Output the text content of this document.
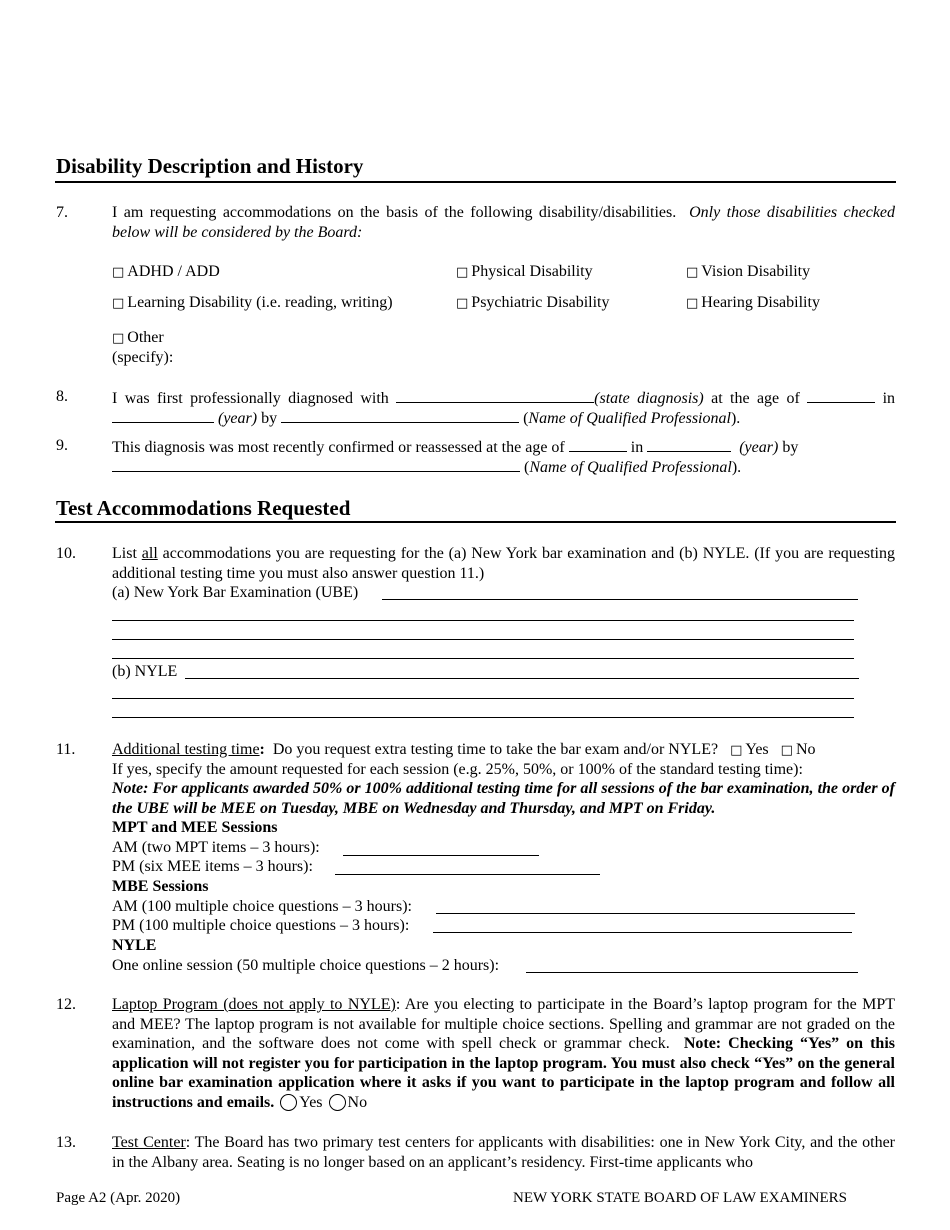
Disability Description and History
7.	I am requesting accommodations on the basis of the following disability/disabilities. Only those disabilities checked below will be considered by the Board:
□ ADHD / ADD	□ Physical Disability	□ Vision Disability
□ Learning Disability (i.e. reading, writing)	□ Psychiatric Disability	□ Hearing Disability
□ Other
(specify):
8.	I was first professionally diagnosed with	(state diagnosis) at the age of	in
(year) by	(Name of Qualified Professional).
9.	This diagnosis was most recently confirmed or reassessed at the age of	in	(year) by
(Name of Qualified Professional).
Test Accommodations Requested
10. List all accommodations you are requesting for the (a) New York bar examination and (b) NYLE. (If you are requesting additional testing time you must also answer question 11.)
(a) New York Bar Examination (UBE)
(b) NYLE
11. Additional testing time: Do you request extra testing time to take the bar exam and/or NYLE? □ Yes □ No
If yes, specify the amount requested for each session (e.g. 25%, 50%, or 100% of the standard testing time):
Note: For applicants awarded 50% or 100% additional testing time for all sessions of the bar examination, the order of the UBE will be MEE on Tuesday, MBE on Wednesday and Thursday, and MPT on Friday.
MPT and MEE Sessions
AM (two MPT items – 3 hours):
PM (six MEE items – 3 hours):
MBE Sessions
AM (100 multiple choice questions – 3 hours):
PM (100 multiple choice questions – 3 hours):
NYLE
One online session (50 multiple choice questions – 2 hours):
12. Laptop Program (does not apply to NYLE): Are you electing to participate in the Board’s laptop program for the MPT and MEE? The laptop program is not available for multiple choice sections. Spelling and grammar are not graded on the examination, and the software does not come with spell check or grammar check. Note: Checking “Yes” on this application will not register you for participation in the laptop program. You must also check “Yes” on the general online bar examination application where it asks if you want to participate in the laptop program and follow all instructions and emails. Yes No
13. Test Center: The Board has two primary test centers for applicants with disabilities: one in New York City, and the other in the Albany area. Seating is no longer based on an applicant’s residency. First-time applicants who
Page A2 (Apr. 2020)	NEW YORK STATE BOARD OF LAW EXAMINERS
